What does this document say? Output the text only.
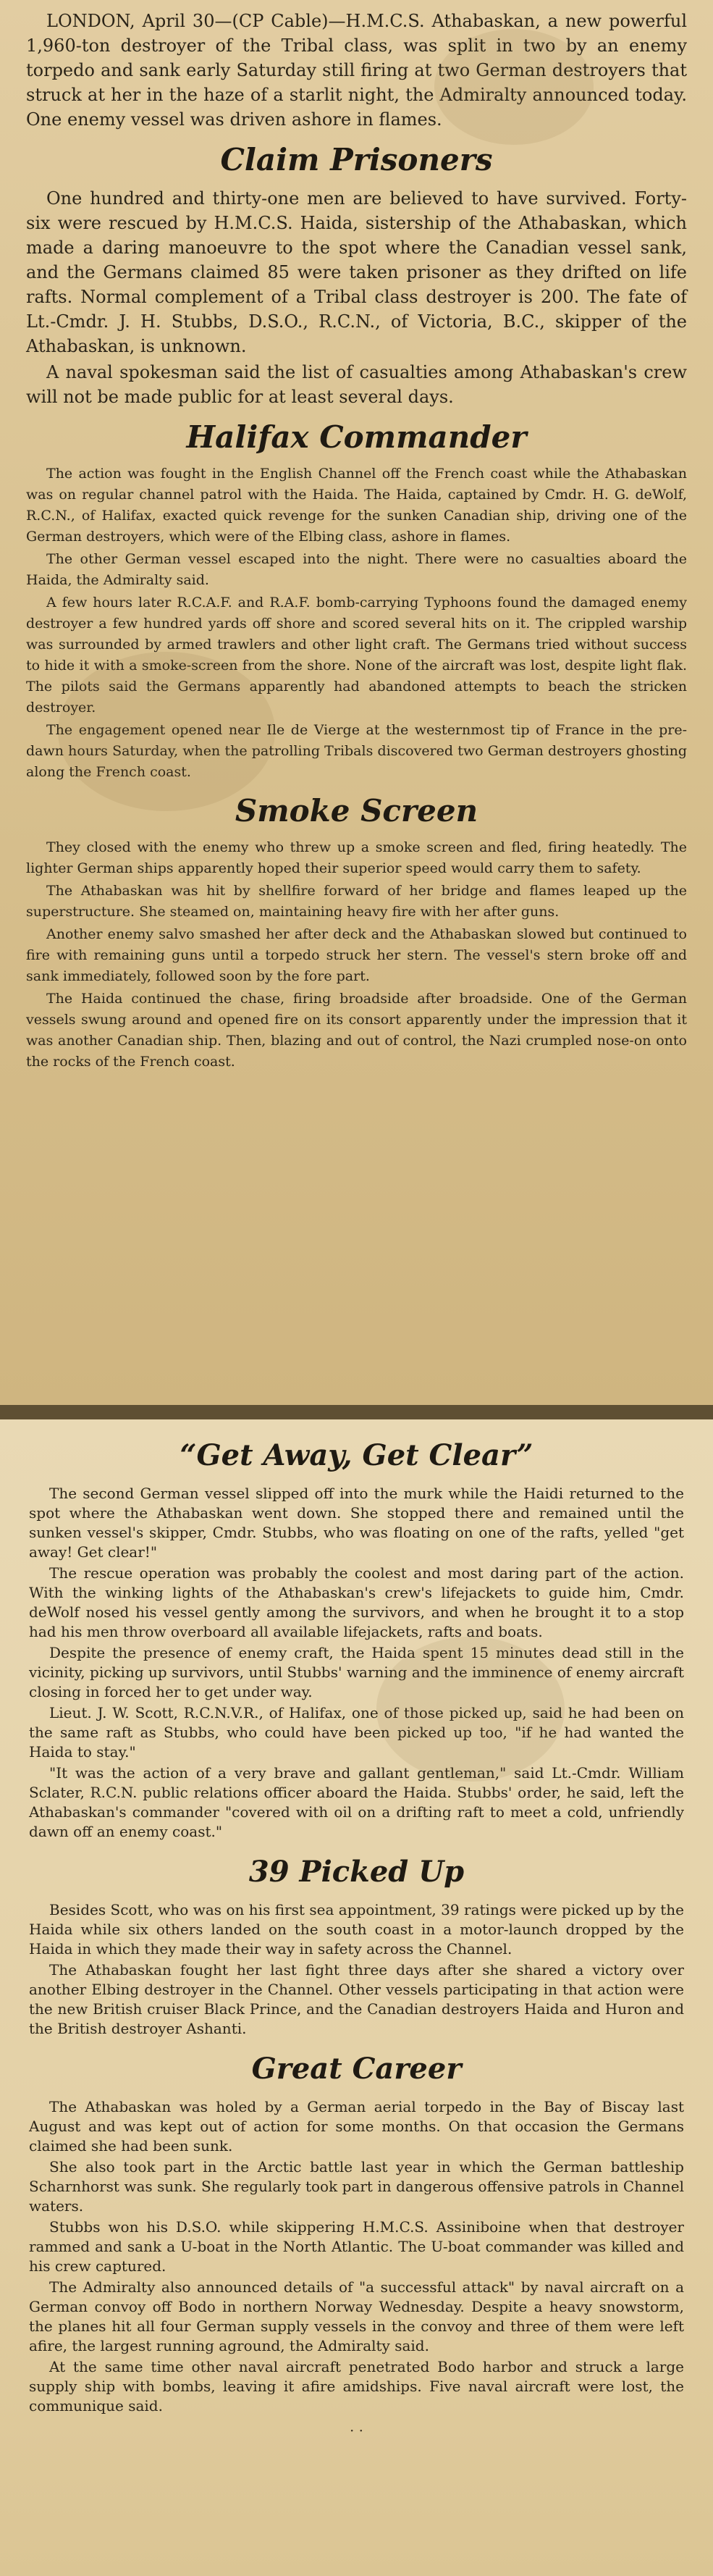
LONDON, April 30—(CP Cable)—H.M.C.S. Athabaskan, a new powerful 1,960-ton destroyer of the Tribal class, was split in two by an enemy torpedo and sank early Saturday still firing at two German destroyers that struck at her in the haze of a starlit night, the Admiralty announced today. One enemy vessel was driven ashore in flames.

Claim Prisoners

One hundred and thirty-one men are believed to have survived. Forty-six were rescued by H.M.C.S. Haida, sistership of the Athabaskan, which made a daring manoeuvre to the spot where the Canadian vessel sank, and the Germans claimed 85 were taken prisoner as they drifted on life rafts. Normal complement of a Tribal class destroyer is 200. The fate of Lt.-Cmdr. J. H. Stubbs, D.S.O., R.C.N., of Victoria, B.C., skipper of the Athabaskan, is unknown.

A naval spokesman said the list of casualties among Athabaskan's crew will not be made public for at least several days.

Halifax Commander

The action was fought in the English Channel off the French coast while the Athabaskan was on regular channel patrol with the Haida. The Haida, captained by Cmdr. H. G. deWolf, R.C.N., of Halifax, exacted quick revenge for the sunken Canadian ship, driving one of the German destroyers, which were of the Elbing class, ashore in flames.

The other German vessel escaped into the night. There were no casualties aboard the Haida, the Admiralty said.

A few hours later R.C.A.F. and R.A.F. bomb-carrying Typhoons found the damaged enemy destroyer a few hundred yards off shore and scored several hits on it. The crippled warship was surrounded by armed trawlers and other light craft. The Germans tried without success to hide it with a smoke-screen from the shore. None of the aircraft was lost, despite light flak. The pilots said the Germans apparently had abandoned attempts to beach the stricken destroyer.

The engagement opened near Ile de Vierge at the westernmost tip of France in the pre-dawn hours Saturday, when the patrolling Tribals discovered two German destroyers ghosting along the French coast.

Smoke Screen

They closed with the enemy who threw up a smoke screen and fled, firing heatedly. The lighter German ships apparently hoped their superior speed would carry them to safety.

The Athabaskan was hit by shellfire forward of her bridge and flames leaped up the superstructure. She steamed on, maintaining heavy fire with her after guns.

Another enemy salvo smashed her after deck and the Athabaskan slowed but continued to fire with remaining guns until a torpedo struck her stern. The vessel's stern broke off and sank immediately, followed soon by the fore part.

The Haida continued the chase, firing broadside after broadside. One of the German vessels swung around and opened fire on its consort apparently under the impression that it was another Canadian ship. Then, blazing and out of control, the Nazi crumpled nose-on onto the rocks of the French coast.

“Get Away, Get Clear”

The second German vessel slipped off into the murk while the Haidi returned to the spot where the Athabaskan went down. She stopped there and remained until the sunken vessel's skipper, Cmdr. Stubbs, who was floating on one of the rafts, yelled "get away! Get clear!"

The rescue operation was probably the coolest and most daring part of the action. With the winking lights of the Athabaskan's crew's lifejackets to guide him, Cmdr. deWolf nosed his vessel gently among the survivors, and when he brought it to a stop had his men throw overboard all available lifejackets, rafts and boats.

Despite the presence of enemy craft, the Haida spent 15 minutes dead still in the vicinity, picking up survivors, until Stubbs' warning and the imminence of enemy aircraft closing in forced her to get under way.

Lieut. J. W. Scott, R.C.N.V.R., of Halifax, one of those picked up, said he had been on the same raft as Stubbs, who could have been picked up too, "if he had wanted the Haida to stay."

"It was the action of a very brave and gallant gentleman," said Lt.-Cmdr. William Sclater, R.C.N. public relations officer aboard the Haida. Stubbs' order, he said, left the Athabaskan's commander "covered with oil on a drifting raft to meet a cold, unfriendly dawn off an enemy coast."

39 Picked Up

Besides Scott, who was on his first sea appointment, 39 ratings were picked up by the Haida while six others landed on the south coast in a motor-launch dropped by the Haida in which they made their way in safety across the Channel.

The Athabaskan fought her last fight three days after she shared a victory over another Elbing destroyer in the Channel. Other vessels participating in that action were the new British cruiser Black Prince, and the Canadian destroyers Haida and Huron and the British destroyer Ashanti.

Great Career

The Athabaskan was holed by a German aerial torpedo in the Bay of Biscay last August and was kept out of action for some months. On that occasion the Germans claimed she had been sunk.

She also took part in the Arctic battle last year in which the German battleship Scharnhorst was sunk. She regularly took part in dangerous offensive patrols in Channel waters.

Stubbs won his D.S.O. while skippering H.M.C.S. Assiniboine when that destroyer rammed and sank a U-boat in the North Atlantic. The U-boat commander was killed and his crew captured.

The Admiralty also announced details of "a successful attack" by naval aircraft on a German convoy off Bodo in northern Norway Wednesday. Despite a heavy snowstorm, the planes hit all four German supply vessels in the convoy and three of them were left afire, the largest running aground, the Admiralty said.

At the same time other naval aircraft penetrated Bodo harbor and struck a large supply ship with bombs, leaving it afire amidships. Five naval aircraft were lost, the communique said.

· ·
